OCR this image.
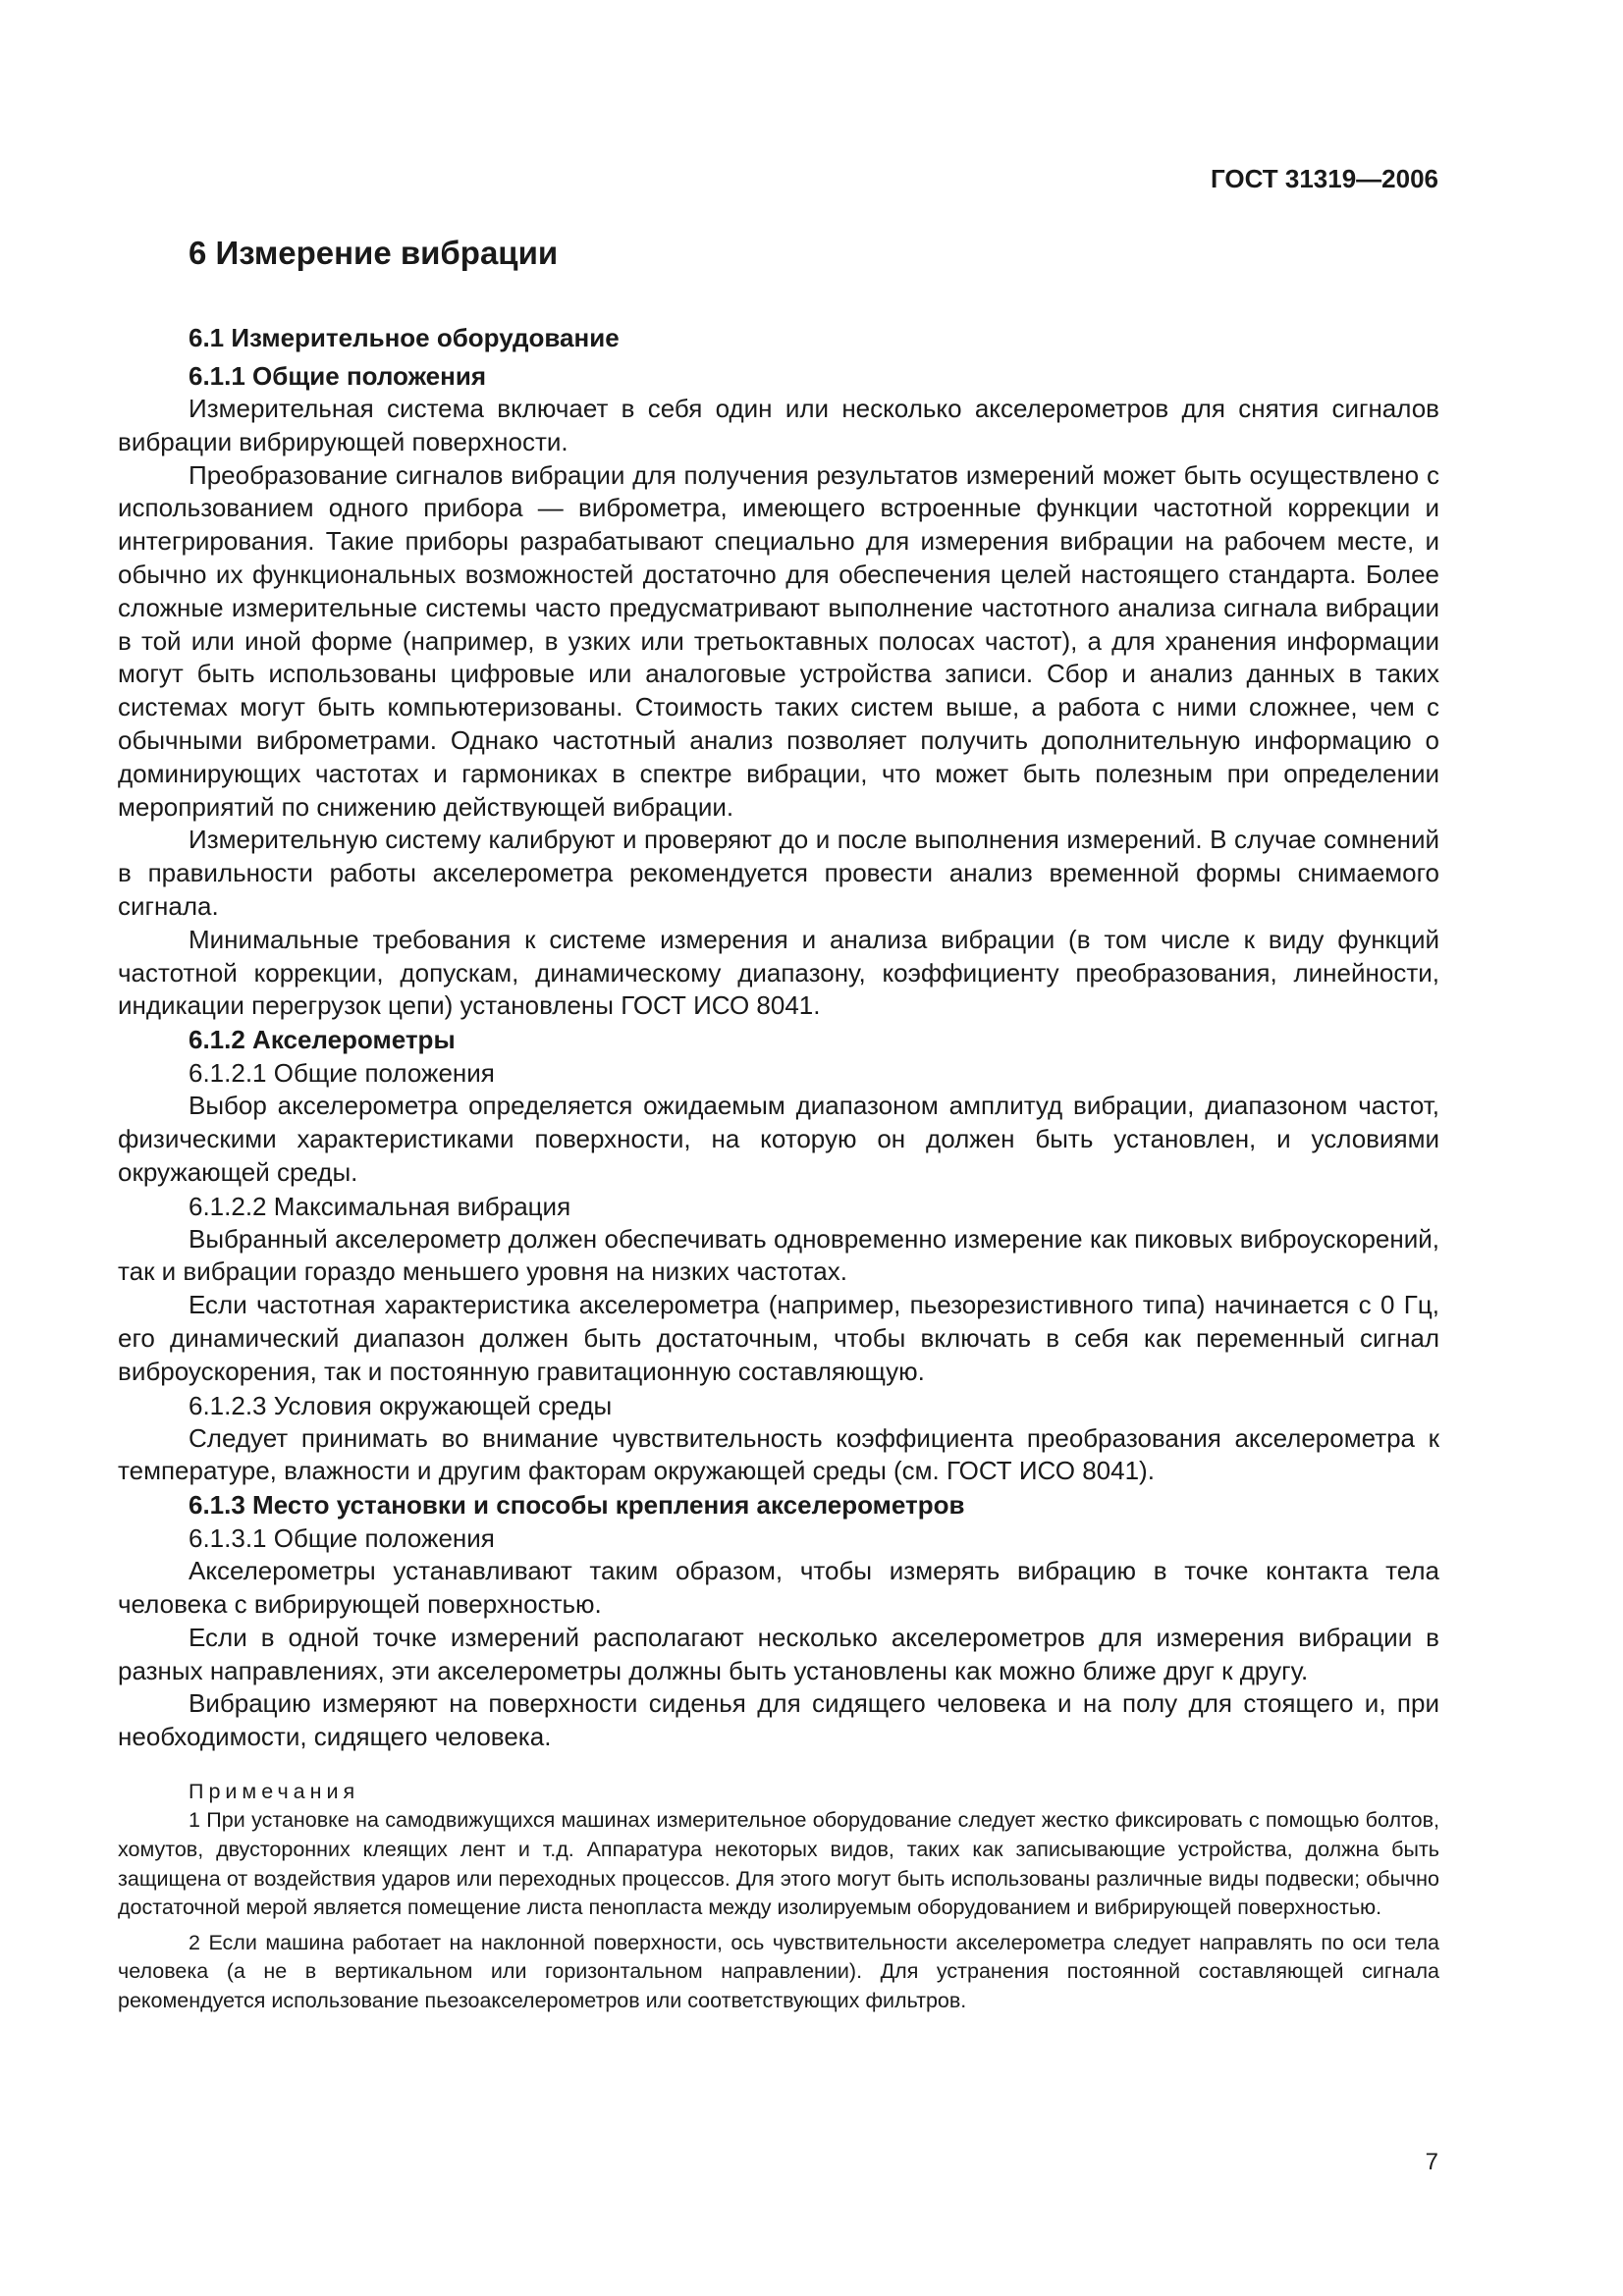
ГОСТ 31319—2006
6 Измерение вибрации
6.1 Измерительное оборудование
6.1.1 Общие положения

Измерительная система включает в себя один или несколько акселерометров для снятия сигналов вибрации вибрирующей поверхности.

Преобразование сигналов вибрации для получения результатов измерений может быть осуществлено с использованием одного прибора — виброметра, имеющего встроенные функции частотной коррекции и интегрирования. Такие приборы разрабатывают специально для измерения вибрации на рабочем месте, и обычно их функциональных возможностей достаточно для обеспечения целей настоящего стандарта. Более сложные измерительные системы часто предусматривают выполнение частотного анализа сигнала вибрации в той или иной форме (например, в узких или третьоктавных полосах частот), а для хранения информации могут быть использованы цифровые или аналоговые устройства записи. Сбор и анализ данных в таких системах могут быть компьютеризованы. Стоимость таких систем выше, а работа с ними сложнее, чем с обычными виброметрами. Однако частотный анализ позволяет получить дополнительную информацию о доминирующих частотах и гармониках в спектре вибрации, что может быть полезным при определении мероприятий по снижению действующей вибрации.

Измерительную систему калибруют и проверяют до и после выполнения измерений. В случае сомнений в правильности работы акселерометра рекомендуется провести анализ временной формы снимаемого сигнала.

Минимальные требования к системе измерения и анализа вибрации (в том числе к виду функций частотной коррекции, допускам, динамическому диапазону, коэффициенту преобразования, линейности, индикации перегрузок цепи) установлены ГОСТ ИСО 8041.

6.1.2 Акселерометры
6.1.2.1 Общие положения

Выбор акселерометра определяется ожидаемым диапазоном амплитуд вибрации, диапазоном частот, физическими характеристиками поверхности, на которую он должен быть установлен, и условиями окружающей среды.

6.1.2.2 Максимальная вибрация

Выбранный акселерометр должен обеспечивать одновременно измерение как пиковых виброускорений, так и вибрации гораздо меньшего уровня на низких частотах.

Если частотная характеристика акселерометра (например, пьезорезистивного типа) начинается с 0 Гц, его динамический диапазон должен быть достаточным, чтобы включать в себя как переменный сигнал виброускорения, так и постоянную гравитационную составляющую.

6.1.2.3 Условия окружающей среды

Следует принимать во внимание чувствительность коэффициента преобразования акселерометра к температуре, влажности и другим факторам окружающей среды (см. ГОСТ ИСО 8041).

6.1.3 Место установки и способы крепления акселерометров
6.1.3.1 Общие положения

Акселерометры устанавливают таким образом, чтобы измерять вибрацию в точке контакта тела человека с вибрирующей поверхностью.

Если в одной точке измерений располагают несколько акселерометров для измерения вибрации в разных направлениях, эти акселерометры должны быть установлены как можно ближе друг к другу.

Вибрацию измеряют на поверхности сиденья для сидящего человека и на полу для стоящего и, при необходимости, сидящего человека.

Примечания

1 При установке на самодвижущихся машинах измерительное оборудование следует жестко фиксировать с помощью болтов, хомутов, двусторонних клеящих лент и т.д. Аппаратура некоторых видов, таких как записывающие устройства, должна быть защищена от воздействия ударов или переходных процессов. Для этого могут быть использованы различные виды подвески; обычно достаточной мерой является помещение листа пенопласта между изолируемым оборудованием и вибрирующей поверхностью.

2 Если машина работает на наклонной поверхности, ось чувствительности акселерометра следует направлять по оси тела человека (а не в вертикальном или горизонтальном направлении). Для устранения постоянной составляющей сигнала рекомендуется использование пьезоакселерометров или соответствующих фильтров.

7
